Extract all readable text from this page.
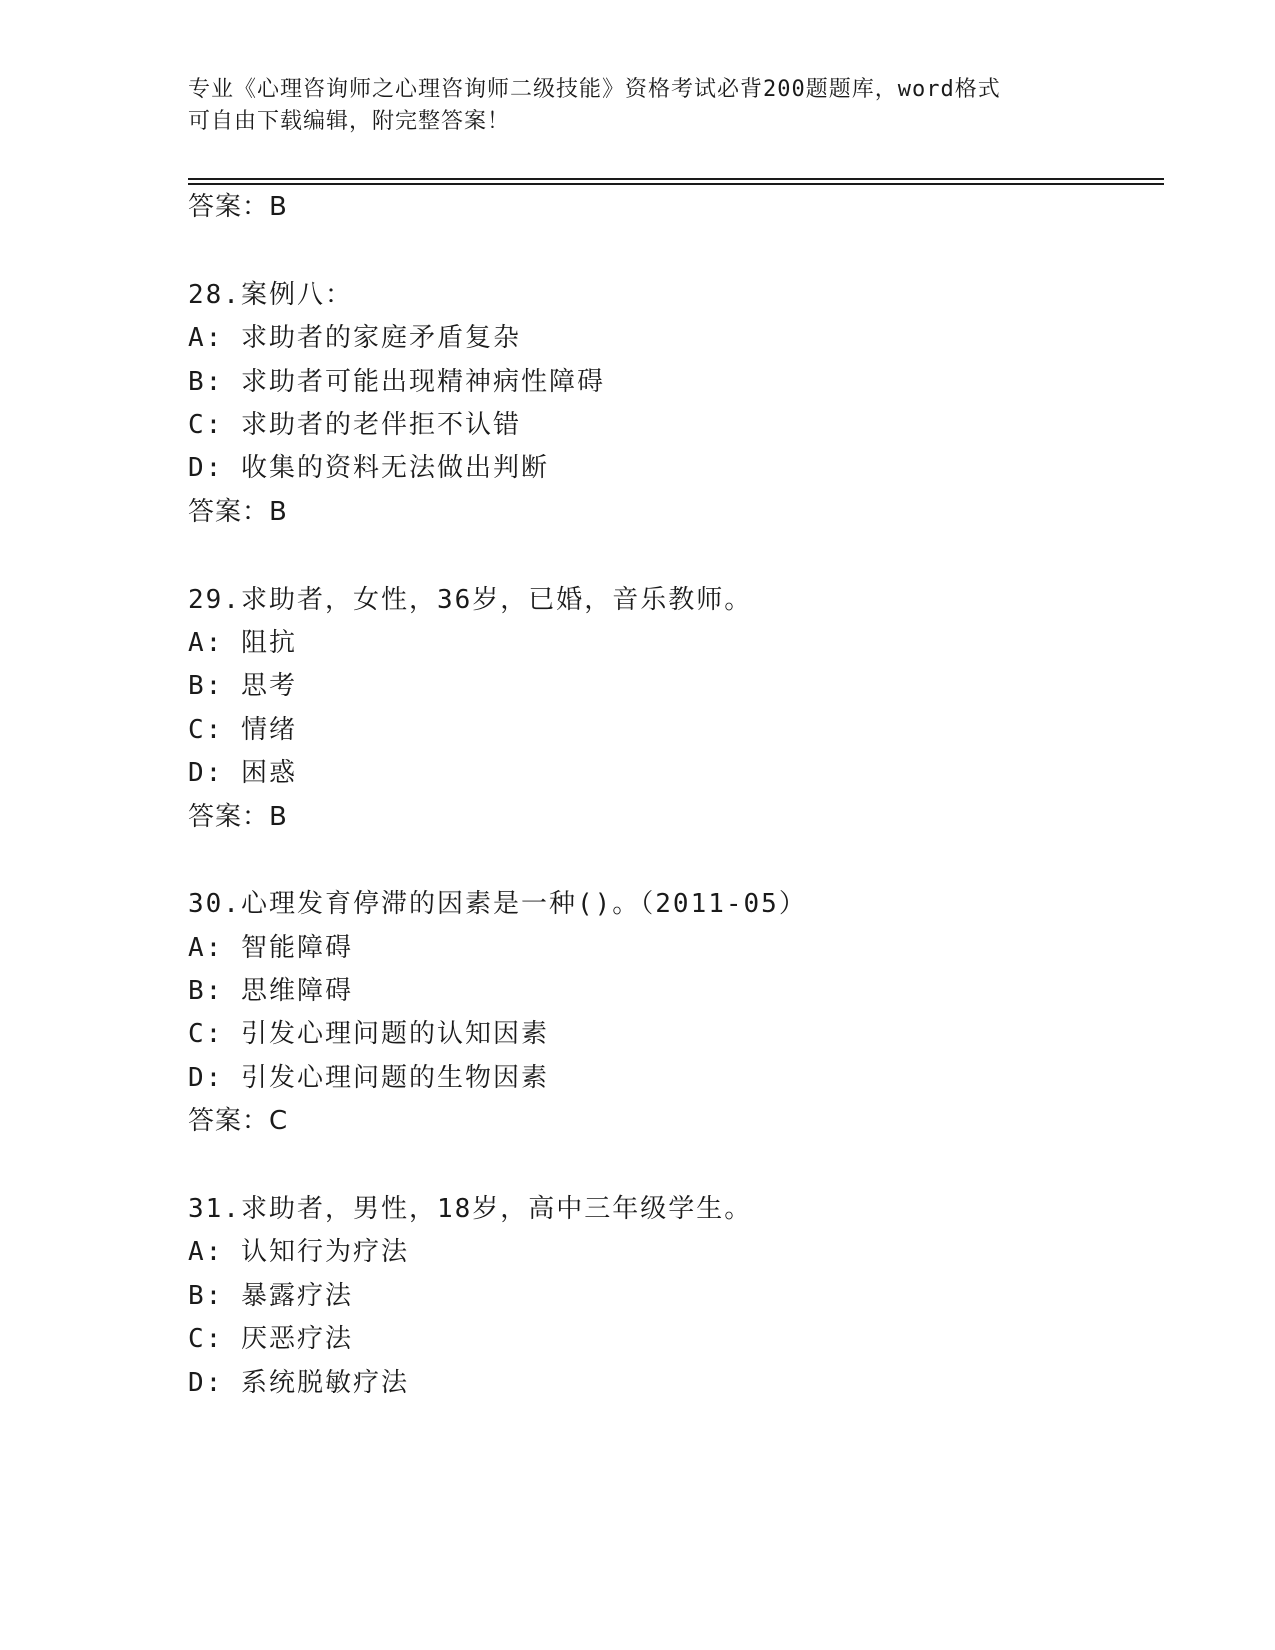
专业《心理咨询师之心理咨询师二级技能》资格考试必背200题题库，word格式
可自由下载编辑，附完整答案！
答案：B
28.案例八：
A: 求助者的家庭矛盾复杂
B: 求助者可能出现精神病性障碍
C: 求助者的老伴拒不认错
D: 收集的资料无法做出判断
答案：B
29.求助者，女性，36岁，已婚，音乐教师。
A: 阻抗
B: 思考
C: 情绪
D: 困惑
答案：B
30.心理发育停滞的因素是一种()。（2011-05）
A: 智能障碍
B: 思维障碍
C: 引发心理问题的认知因素
D: 引发心理问题的生物因素
答案：C
31.求助者，男性，18岁，高中三年级学生。
A: 认知行为疗法
B: 暴露疗法
C: 厌恶疗法
D: 系统脱敏疗法
